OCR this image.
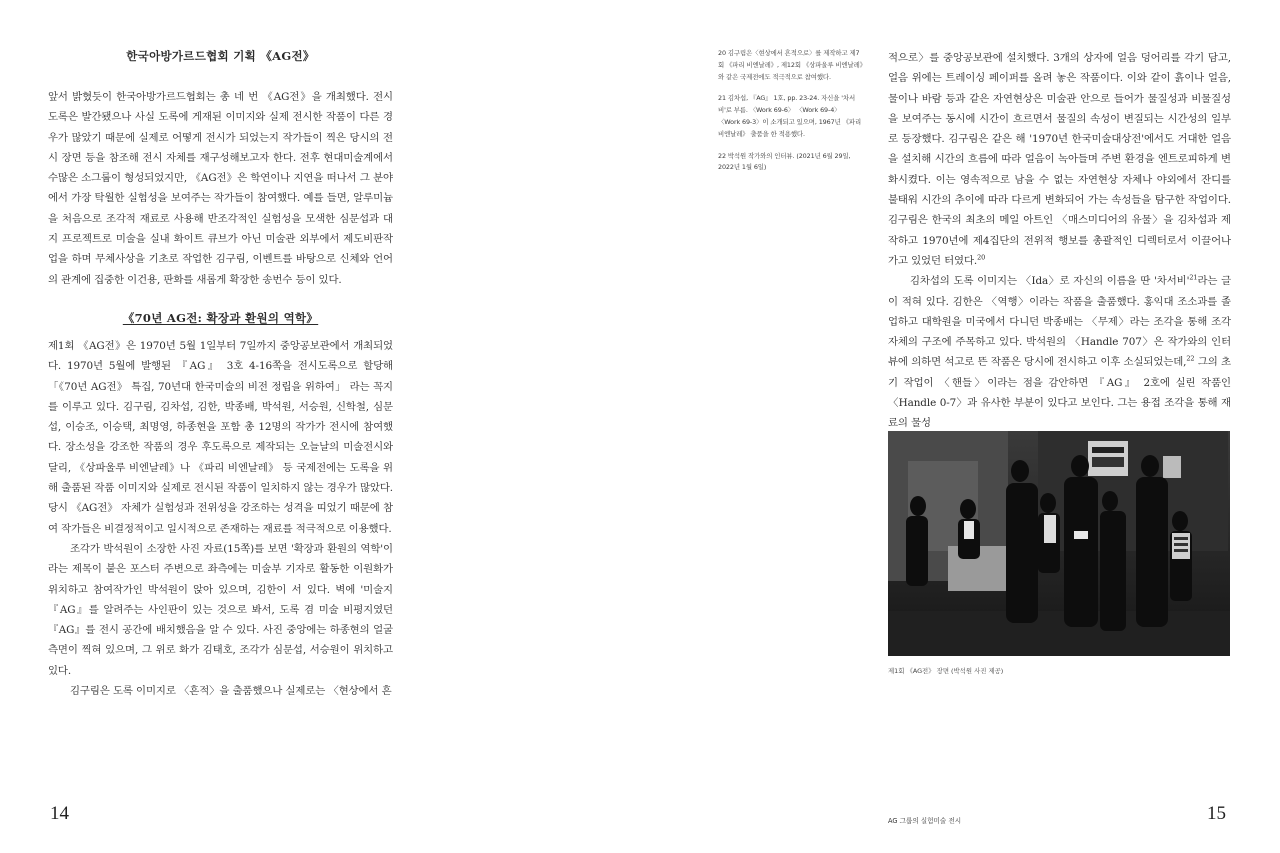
한국아방가르드협회 기획 《AG전》

앞서 밝혔듯이 한국아방가르드협회는 총 네 번 《AG전》을 개최했다. 전시 도록은 발간됐으나 사실 도록에 게재된 이미지와 실제 전시한 작품이 다른 경우가 많았기 때문에 실제로 어떻게 전시가 되었는지 작가들이 찍은 당시의 전시 장면 등을 참조해 전시 자체를 재구성해보고자 한다. 전후 현대미술계에서 수많은 소그룹이 형성되었지만, 《AG전》은 학연이나 지연을 떠나서 그 분야에서 가장 탁월한 실험성을 보여주는 작가들이 참여했다. 예를 들면, 알루미늄을 처음으로 조각적 재료로 사용해 반조각적인 실험성을 모색한 심문섭과 대지 프로젝트로 미술을 실내 화이트 큐브가 아닌 미술관 외부에서 제도비판작업을 하며 무체사상을 기초로 작업한 김구림, 이벤트를 바탕으로 신체와 언어의 관계에 집중한 이건용, 판화를 새롭게 확장한 송번수 등이 있다.

《70년 AG전: 확장과 환원의 역학》

제1회 《AG전》은 1970년 5월 1일부터 7일까지 중앙공보관에서 개최되었다. 1970년 5월에 발행된 『AG』 3호 4-16쪽을 전시도록으로 할당해 「《70년 AG전》 특집, 70년대 한국미술의 비전 정립을 위하여」 라는 꼭지를 이루고 있다. 김구림, 김차섭, 김한, 박종배, 박석원, 서승원, 신학철, 심문섭, 이승조, 이승택, 최명영, 하종현을 포함 총 12명의 작가가 전시에 참여했다. 장소성을 강조한 작품의 경우 후도록으로 제작되는 오늘날의 미술전시와 달리, 《상파울루 비엔날레》나 《파리 비엔날레》 등 국제전에는 도록을 위해 출품된 작품 이미지와 실제로 전시된 작품이 일치하지 않는 경우가 많았다. 당시 《AG전》 자체가 실험성과 전위성을 강조하는 성격을 띠었기 때문에 참여 작가들은 비결정적이고 일시적으로 존재하는 재료를 적극적으로 이용했다.

조각가 박석원이 소장한 사진 자료(15쪽)를 보면 '확장과 환원의 역학'이라는 제목이 붙은 포스터 주변으로 좌측에는 미술부 기자로 활동한 이원화가 위치하고 참여작가인 박석원이 앉아 있으며, 김한이 서 있다. 벽에 '미술지 『AG』를 알려주는 사인판이 있는 것으로 봐서, 도록 겸 미술 비평지였던 『AG』를 전시 공간에 배치했음을 알 수 있다. 사진 중앙에는 하종현의 얼굴 측면이 찍혀 있으며, 그 위로 화가 김태호, 조각가 심문섭, 서승원이 위치하고 있다.

김구림은 도록 이미지로 〈흔적〉을 출품했으나 실제로는 〈현상에서 흔

14

20 김구림은〈현상에서 흔적으로〉를 제작하고 제7회 《파리 비엔날레》, 제12회 《상파울루 비엔날레》와 같은 국제전에도 적극적으로 참여했다.

21 김차섭, 『AG』 1호, pp. 23-24. 자신을 '차서비'로 부름. 〈Work 69-6〉 〈Work 69-4〉 〈Work 69-3〉이 소개되고 있으며, 1967년 《파리 비엔날레》 출품을 한 적용했다.

22 박석원 작가와의 인터뷰. (2021년 6월 29일, 2022년 1월 6일)

적으로〉를 중앙공보관에 설치했다. 3개의 상자에 얼음 덩어리를 각기 담고, 얼음 위에는 트레이싱 페이퍼를 올려 놓은 작품이다. 이와 같이 흙이나 얼음, 물이나 바람 등과 같은 자연현상은 미술관 안으로 들어가 물질성과 비물질성을 보여주는 동시에 시간이 흐르면서 물질의 속성이 변질되는 시간성의 일부로 등장했다. 김구림은 같은 해 '1970년 한국미술대상전'에서도 거대한 얼음을 설치해 시간의 흐름에 따라 얼음이 녹아들며 주변 환경을 엔트로피하게 변화시켰다. 이는 영속적으로 남을 수 없는 자연현상 자체나 야외에서 잔디를 불태워 시간의 추이에 따라 다르게 변화되어 가는 속성들을 탐구한 작업이다. 김구림은 한국의 최초의 메일 아트인 〈매스미디어의 유물〉을 김차섭과 제작하고 1970년에 제4집단의 전위적 행보를 총괄적인 디렉터로서 이끌어나가고 있었던 터였다.$^{20}$

김차섭의 도록 이미지는 〈Ida〉로 자신의 이름을 딴 '차서비'$^{21}$라는 글이 적혀 있다. 김한은 〈역행〉이라는 작품을 출품했다. 홍익대 조소과를 졸업하고 대학원을 미국에서 다니던 박종배는 〈무제〉라는 조각을 통해 조각 자체의 구조에 주목하고 있다. 박석원의 〈Handle 707〉은 작가와의 인터뷰에 의하면 석고로 뜬 작품은 당시에 전시하고 이후 소실되었는데,$^{22}$ 그의 초기 작업이 〈핸들〉이라는 점을 감안하면 『AG』 2호에 실린 작품인 〈Handle 0-7〉과 유사한 부분이 있다고 보인다. 그는 용접 조각을 통해 재료의 물성

제1회 《AG전》 장면 (박석원 사진 제공)
AG 그룹의 실험미술 전시	15
